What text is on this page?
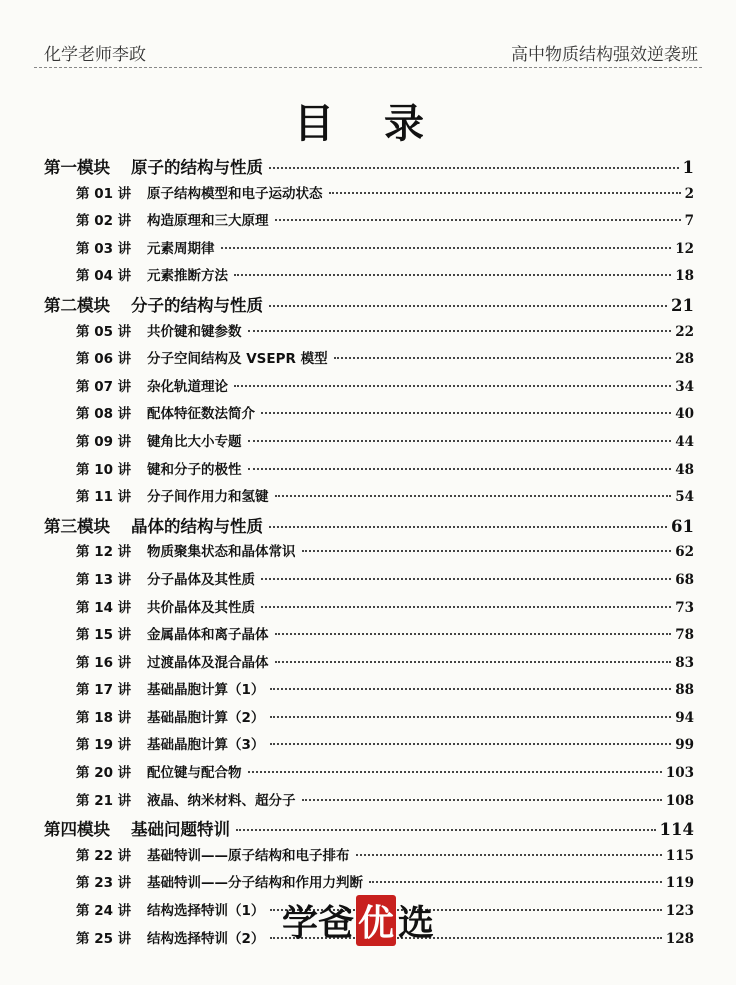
化学老师李政	高中物质结构强效逆袭班
目 录
第一模块	原子的结构与性质	1
第 01 讲	原子结构模型和电子运动状态	2
第 02 讲	构造原理和三大原理	7
第 03 讲	元素周期律	12
第 04 讲	元素推断方法	18
第二模块	分子的结构与性质	21
第 05 讲	共价键和键参数	22
第 06 讲	分子空间结构及 VSEPR 模型	28
第 07 讲	杂化轨道理论	34
第 08 讲	配体特征数法简介	40
第 09 讲	键角比大小专题	44
第 10 讲	键和分子的极性	48
第 11 讲	分子间作用力和氢键	54
第三模块	晶体的结构与性质	61
第 12 讲	物质聚集状态和晶体常识	62
第 13 讲	分子晶体及其性质	68
第 14 讲	共价晶体及其性质	73
第 15 讲	金属晶体和离子晶体	78
第 16 讲	过渡晶体及混合晶体	83
第 17 讲	基础晶胞计算（1）	88
第 18 讲	基础晶胞计算（2）	94
第 19 讲	基础晶胞计算（3）	99
第 20 讲	配位键与配合物	103
第 21 讲	液晶、纳米材料、超分子	108
第四模块	基础问题特训	114
第 22 讲	基础特训——原子结构和电子排布	115
第 23 讲	基础特训——分子结构和作用力判断	119
第 24 讲	结构选择特训（1）	123
第 25 讲	结构选择特训（2）	128
学爸 优 选
